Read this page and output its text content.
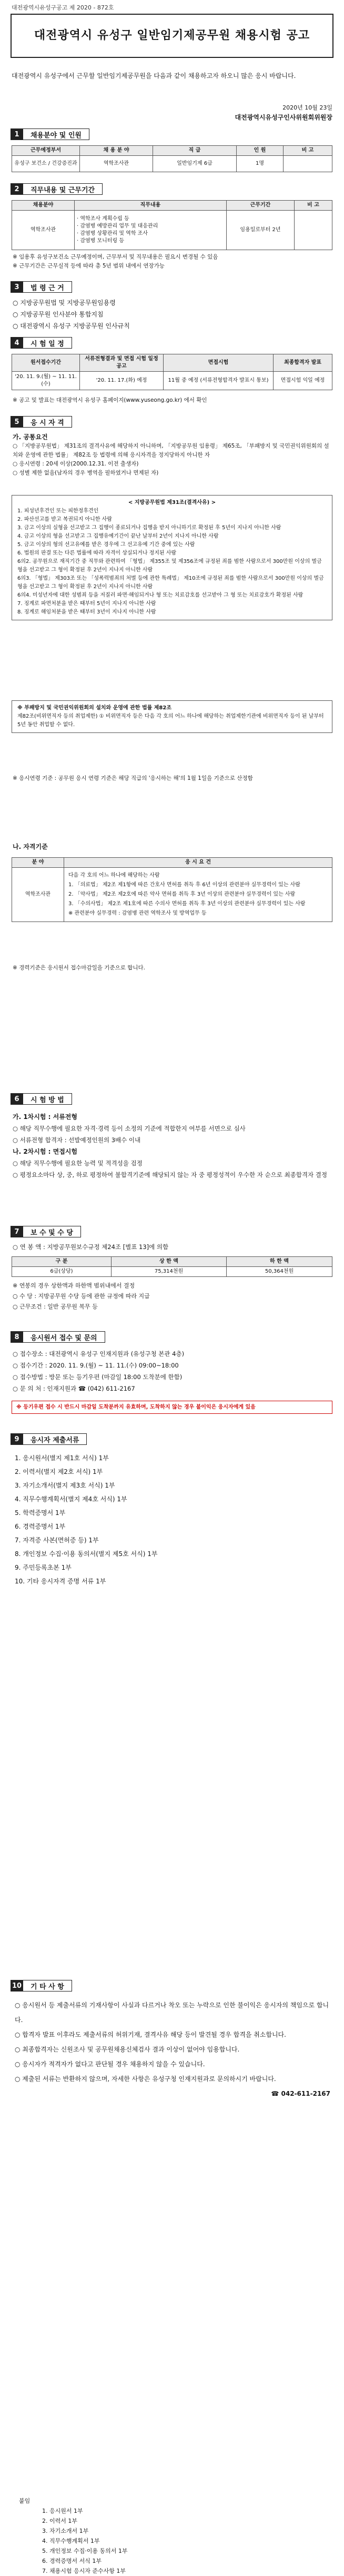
대전광역시유성구공고 제 2020 - 872호
대전광역시 유성구 일반임기제공무원 채용시험 공고
대전광역시 유성구에서 근무할 일반임기제공무원을 다음과 같이 채용하고자 하오니 많은 응시 바랍니다.
2020년 10월 23일
대전광역시유성구인사위원회위원장
1	채용분야 및 인원
근무예정부서	채 용 분 야	직 급	인 원	비 고
유성구 보건소 / 건강증진과	역학조사관	일반임기제 6급	1명	
2	직무내용 및 근무기간
채용분야	직무내용	근무기간	비 고
역학조사관	· 역학조사 계획수립 등
· 감염병 예방관리 업무 및 대응관리
· 감염병 상황관리 및 역학 조사
· 감염병 모니터링 등	임용일로부터 2년	
※ 임용후 유성구보건소 근무예정이며, 근무부서 및 직무내용은 필요시 변경될 수 있음
※ 근무기간은 근무실적 등에 따라 총 5년 범위 내에서 연장가능
3	법 령 근 거
○ 지방공무원법 및 지방공무원임용령
○ 지방공무원 인사분야 통합지침
○ 대전광역시 유성구 지방공무원 인사규칙
4	시 험 일 정
원서접수기간	서류전형결과 및 면접 시험 일정 공고	면접시험	최종합격자 발표
'20. 11. 9.(월) ~ 11. 11.(수)	'20. 11. 17.(화) 예정	11월 중 예정 (서류전형합격자 발표시 통보)	면접시험 익일 예정
※ 공고 및 발표는 대전광역시 유성구 홈페이지(www.yuseong.go.kr) 에서 확인
5	응 시 자 격
가. 공통요건
○ 「지방공무원법」 제31조의 결격사유에 해당하지 아니하며, 「지방공무원 임용령」 제65조, 「부패방지 및 국민권익위원회의 설치와 운영에 관한 법률」 제82조 등 법령에 의해 응시자격을 정지당하지 아니한 자
○ 응시연령 : 20세 이상(2000.12.31. 이전 출생자)
○ 성별 제한 없음(남자의 경우 병역을 필하였거나 면제된 자)
< 지방공무원법 제31조(결격사유) >
1. 피성년후견인 또는 피한정후견인
2. 파산선고를 받고 복권되지 아니한 사람
3. 금고 이상의 실형을 선고받고 그 집행이 종료되거나 집행을 받지 아니하기로 확정된 후 5년이 지나지 아니한 사람
4. 금고 이상의 형을 선고받고 그 집행유예기간이 끝난 날부터 2년이 지나지 아니한 사람
5. 금고 이상의 형의 선고유예를 받은 경우에 그 선고유예 기간 중에 있는 사람
6. 법원의 판결 또는 다른 법률에 따라 자격이 상실되거나 정지된 사람
6의2. 공무원으로 재직기간 중 직무와 관련하여 「형법」 제355조 및 제356조에 규정된 죄를 범한 사람으로서 300만원 이상의 벌금형을 선고받고 그 형이 확정된 후 2년이 지나지 아니한 사람
6의3. 「형법」 제303조 또는 「성폭력범죄의 처벌 등에 관한 특례법」 제10조에 규정된 죄를 범한 사람으로서 300만원 이상의 벌금형을 선고받고 그 형이 확정된 후 2년이 지나지 아니한 사람
6의4. 미성년자에 대한 성범죄 등을 저질러 파면·해임되거나 형 또는 치료감호를 선고받아 그 형 또는 치료감호가 확정된 사람
7. 징계로 파면처분을 받은 때부터 5년이 지나지 아니한 사람
8. 징계로 해임처분을 받은 때부터 3년이 지나지 아니한 사람
※ 부패방지 및 국민권익위원회의 설치와 운영에 관한 법률 제82조
제82조(비위면직자 등의 취업제한) ① 비위면직자 등은 다음 각 호의 어느 하나에 해당하는 취업제한기관에 비위면직자 등이 된 날부터 5년 동안 취업할 수 없다.
※ 응시연령 기준 : 공무원 응시 연령 기준은 해당 직급의 '응시하는 해'의 1월 1일을 기준으로 산정함
나. 자격기준
분 야	응 시 요 건
역학조사관	다음 각 호의 어느 하나에 해당하는 사람
1. 「의료법」 제2조 제1항에 따른 간호사 면허를 취득 후 6년 이상의 관련분야 실무경력이 있는 사람
2. 「약사법」 제2조 제2호에 따른 약사 면허를 취득 후 3년 이상의 관련분야 실무경력이 있는 사람
3. 「수의사법」 제2조 제1호에 따른 수의사 면허를 취득 후 3년 이상의 관련분야 실무경력이 있는 사람
※ 관련분야 실무경력 : 감염병 관련 역학조사 및 방역업무 등
※ 경력기준은 응시원서 접수마감일을 기준으로 합니다.
6	시 험 방 법
가. 1차시험 : 서류전형
○ 해당 직무수행에 필요한 자격·경력 등이 소정의 기준에 적합한지 여부를 서면으로 심사
○ 서류전형 합격자 : 선발예정인원의 3배수 이내
나. 2차시험 : 면접시험
○ 해당 직무수행에 필요한 능력 및 적격성을 검정
○ 평정요소마다 상, 중, 하로 평정하여 불합격기준에 해당되지 않는 자 중 평정성적이 우수한 자 순으로 최종합격자 결정
7	보 수 및 수 당
○ 연 봉 액 : 지방공무원보수규정 제24조 [별표 13]에 의함
구 분	상 한 액	하 한 액
6급(상당)	75,314천원	50,364천원
※ 연봉의 경우 상한액과 하한액 범위내에서 결정
○ 수 당 : 지방공무원 수당 등에 관한 규정에 따라 지급
○ 근무조건 : 일반 공무원 복무 등
8	응시원서 접수 및 문의
○ 접수장소 : 대전광역시 유성구 인재지원과 (유성구청 본관 4층)
○ 접수기간 : 2020. 11. 9.(월) ~ 11. 11.(수) 09:00~18:00
○ 접수방법 : 방문 또는 등기우편 (마감일 18:00 도착분에 한함)
○ 문 의 처 : 인재지원과 ☎ (042) 611-2167
※ 등기우편 접수 시 반드시 마감일 도착분까지 유효하며, 도착하지 않는 경우 불이익은 응시자에게 있음
9	응시자 제출서류
1. 응시원서(별지 제1호 서식) 1부
2. 이력서(별지 제2호 서식) 1부
3. 자기소개서(별지 제3호 서식) 1부
4. 직무수행계획서(별지 제4호 서식) 1부
5. 학력증명서 1부
6. 경력증명서 1부
7. 자격증 사본(면허증 등) 1부
8. 개인정보 수집·이용 동의서(별지 제5호 서식) 1부
9. 주민등록초본 1부
10. 기타 응시자격 증명 서류 1부
10	기 타 사 항
○ 응시원서 등 제출서류의 기재사항이 사실과 다르거나 착오 또는 누락으로 인한 불이익은 응시자의 책임으로 합니다.
○ 합격자 발표 이후라도 제출서류의 허위기재, 결격사유 해당 등이 발견될 경우 합격을 취소합니다.
○ 최종합격자는 신원조사 및 공무원채용신체검사 결과 이상이 없어야 임용합니다.
○ 응시자가 적격자가 없다고 판단될 경우 채용하지 않을 수 있습니다.
○ 제출된 서류는 반환하지 않으며, 자세한 사항은 유성구청 인재지원과로 문의하시기 바랍니다.
☎ 042-611-2167
붙임
1. 응시원서 1부
2. 이력서 1부
3. 자기소개서 1부
4. 직무수행계획서 1부
5. 개인정보 수집·이용 동의서 1부
6. 경력증명서 서식 1부
7. 채용시험 응시자 준수사항 1부
